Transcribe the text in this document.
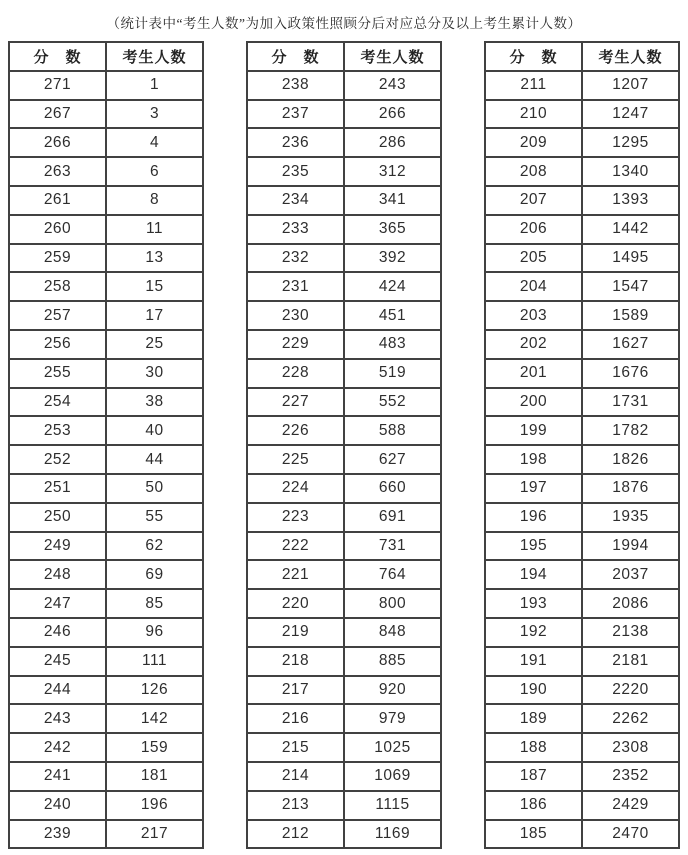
（统计表中“考生人数”为加入政策性照顾分后对应总分及以上考生累计人数）
分　数	考生人数
271	1
267	3
266	4
263	6
261	8
260	11
259	13
258	15
257	17
256	25
255	30
254	38
253	40
252	44
251	50
250	55
249	62
248	69
247	85
246	96
245	111
244	126
243	142
242	159
241	181
240	196
239	217
分　数	考生人数
238	243
237	266
236	286
235	312
234	341
233	365
232	392
231	424
230	451
229	483
228	519
227	552
226	588
225	627
224	660
223	691
222	731
221	764
220	800
219	848
218	885
217	920
216	979
215	1025
214	1069
213	1115
212	1169
分　数	考生人数
211	1207
210	1247
209	1295
208	1340
207	1393
206	1442
205	1495
204	1547
203	1589
202	1627
201	1676
200	1731
199	1782
198	1826
197	1876
196	1935
195	1994
194	2037
193	2086
192	2138
191	2181
190	2220
189	2262
188	2308
187	2352
186	2429
185	2470
